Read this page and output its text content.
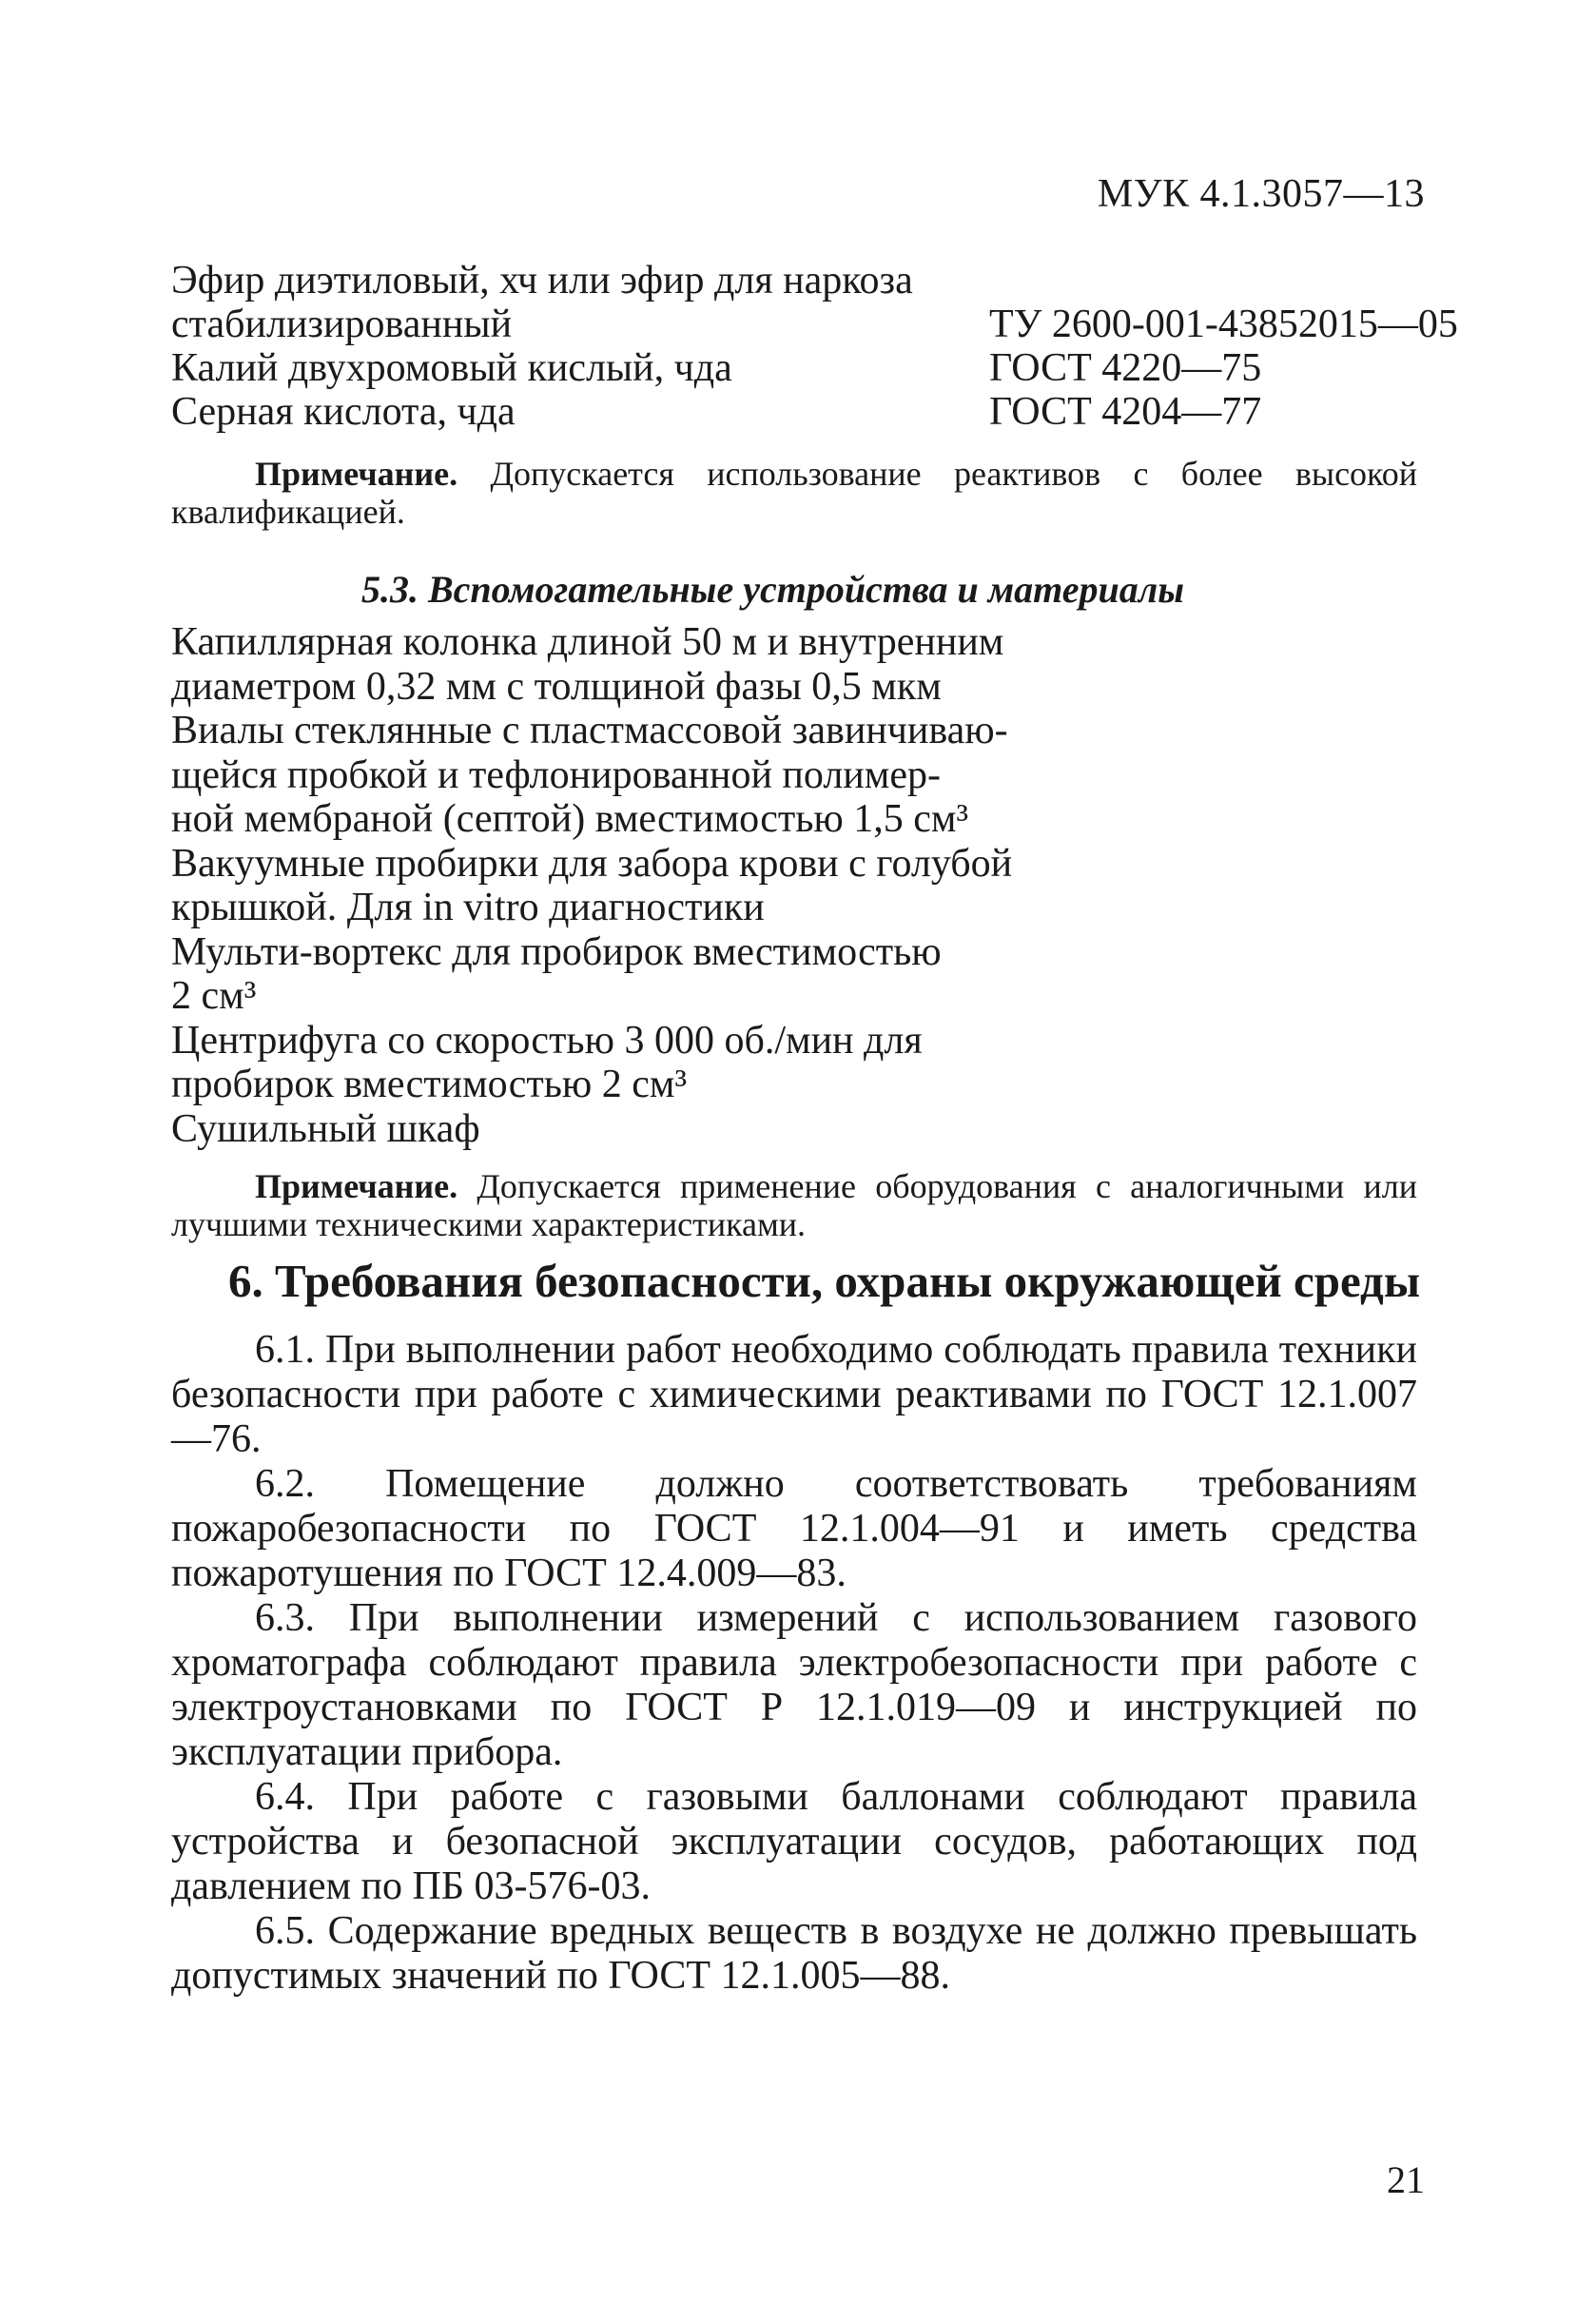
МУК 4.1.3057—13
Эфир диэтиловый, хч или эфир для наркоза
стабилизированный	ТУ 2600-001-43852015—05
Калий двухромовый кислый, чда	ГОСТ 4220—75
Серная кислота, чда	ГОСТ 4204—77
Примечание. Допускается использование реактивов с более высокой квалификацией.
5.3. Вспомогательные устройства и материалы
Капиллярная колонка длиной 50 м и внутренним
диаметром 0,32 мм с толщиной фазы 0,5 мкм
Виалы стеклянные с пластмассовой завинчиваю-
щейся пробкой и тефлонированной полимер-
ной мембраной (септой) вместимостью 1,5 см³
Вакуумные пробирки для забора крови с голубой
крышкой. Для in vitro диагностики
Мульти-вортекс для пробирок вместимостью
2 см³
Центрифуга со скоростью 3 000 об./мин для
пробирок вместимостью 2 см³
Сушильный шкаф
Примечание. Допускается применение оборудования с аналогичными или лучшими техническими характеристиками.
6. Требования безопасности, охраны окружающей среды

6.1. При выполнении работ необходимо соблюдать правила техники безопасности при работе с химическими реактивами по ГОСТ 12.1.007—76.

6.2. Помещение должно соответствовать требованиям пожаробезопасности по ГОСТ 12.1.004—91 и иметь средства пожаротушения по ГОСТ 12.4.009—83.

6.3. При выполнении измерений с использованием газового хроматографа соблюдают правила электробезопасности при работе с электроустановками по ГОСТ Р 12.1.019—09 и инструкцией по эксплуатации прибора.

6.4. При работе с газовыми баллонами соблюдают правила устройства и безопасной эксплуатации сосудов, работающих под давлением по ПБ 03-576-03.

6.5. Содержание вредных веществ в воздухе не должно превышать допустимых значений по ГОСТ 12.1.005—88.

21
